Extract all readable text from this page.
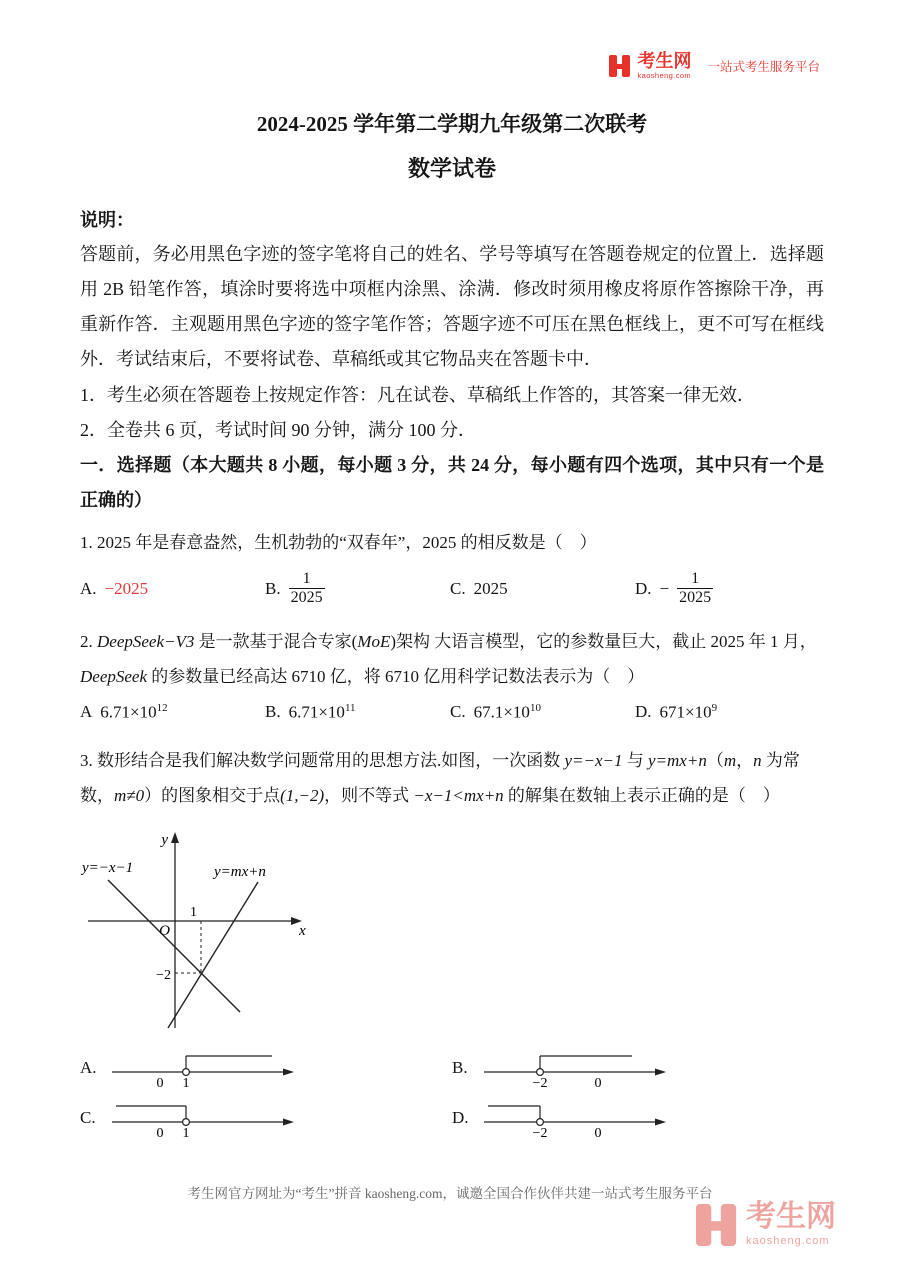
考生网
kaosheng.com
一站式考生服务平台
2024-2025 学年第二学期九年级第二次联考
数学试卷
说明：

答题前，务必用黑色字迹的签字笔将自己的姓名、学号等填写在答题卷规定的位置上．选择题用 2B 铅笔作答，填涂时要将选中项框内涂黑、涂满．修改时须用橡皮将原作答擦除干净，再重新作答．主观题用黑色字迹的签字笔作答；答题字迹不可压在黑色框线上，更不可写在框线外．考试结束后，不要将试卷、草稿纸或其它物品夹在答题卡中．

1．考生必须在答题卷上按规定作答：凡在试卷、草稿纸上作答的，其答案一律无效．

2．全卷共 6 页，考试时间 90 分钟，满分 100 分．

一．选择题（本大题共 8 小题，每小题 3 分，共 24 分，每小题有四个选项，其中只有一个是正确的）

1. 2025 年是春意盎然，生机勃勃的“双春年”，2025 的相反数是（　）

A. −2025	B. $\frac{1}{2025}$	C. 2025	D. − $\frac{1}{2025}$

2. DeepSeek−V3 是一款基于混合专家(MoE)架构 大语言模型，它的参数量巨大，截止 2025 年 1 月，DeepSeek 的参数量已经高达 6710 亿，将 6710 亿用科学记数法表示为（　）

A $6.71\times 10^{12}$	B. $6.71\times 10^{11}$	C. $67.1\times 10^{10}$	D. $671\times 10^9$

3. 数形结合是我们解决数学问题常用的思想方法.如图，一次函数 y=−x−1 与 y=mx+n（m，n 为常数，m≠0）的图象相交于点(1,−2)，则不等式 −x−1<mx+n 的解集在数轴上表示正确的是（　）

y=−x−1	y=mx+n
y
x
O
1
−2
A.
0 1
B.
−2	0
C.
0 1
D.
−2	0
考生网官方网址为“考生”拼音 kaosheng.com，诚邀全国合作伙伴共建一站式考生服务平台
考生网
kaosheng.com
